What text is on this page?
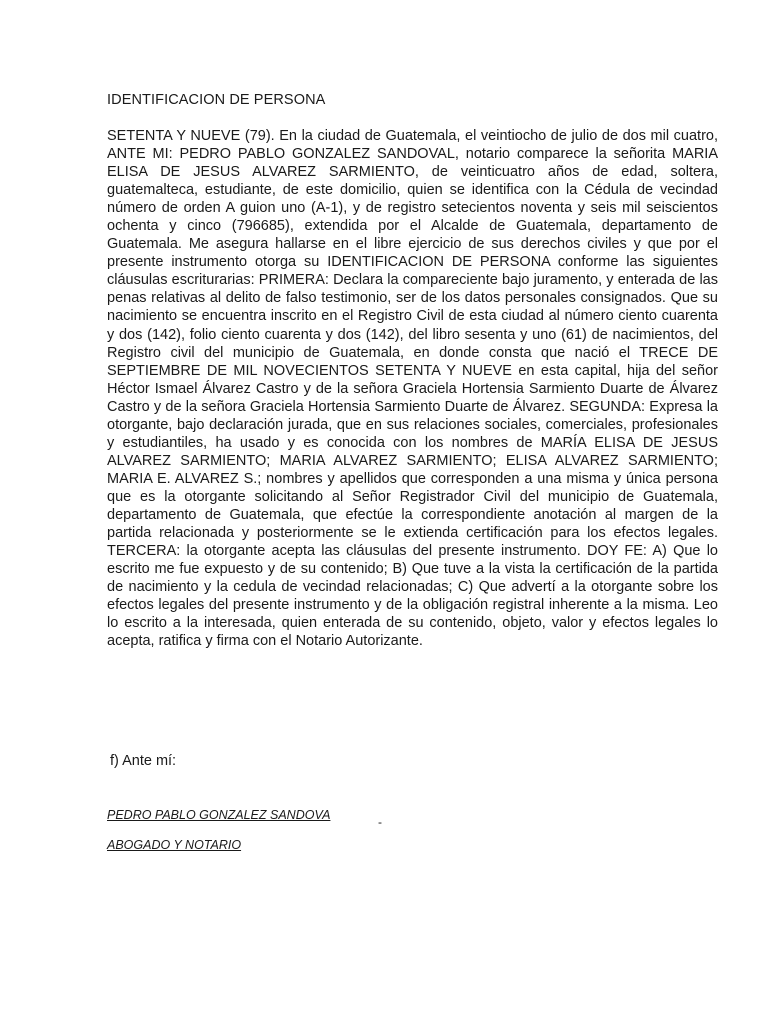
IDENTIFICACION DE PERSONA

SETENTA Y NUEVE (79). En la ciudad de Guatemala, el veintiocho de julio de dos mil cuatro, ANTE MI: PEDRO PABLO GONZALEZ SANDOVAL, notario comparece la señorita MARIA ELISA DE JESUS ALVAREZ SARMIENTO, de veinticuatro años de edad, soltera, guatemalteca, estudiante, de este domicilio, quien se identifica con la Cédula de vecindad número de orden A guion uno (A-1), y de registro setecientos noventa y seis mil seiscientos ochenta y cinco (796685), extendida por el Alcalde de Guatemala, departamento de Guatemala. Me asegura hallarse en el libre ejercicio de sus derechos civiles y que por el presente instrumento otorga su IDENTIFICACION DE PERSONA conforme las siguientes cláusulas escriturarias: PRIMERA: Declara la compareciente bajo juramento, y enterada de las penas relativas al delito de falso testimonio, ser de los datos personales consignados. Que su nacimiento se encuentra inscrito en el Registro Civil de esta ciudad al número ciento cuarenta y dos (142), folio ciento cuarenta y dos (142), del libro sesenta y uno (61) de nacimientos, del Registro civil del municipio de Guatemala, en donde consta que nació el TRECE DE SEPTIEMBRE DE MIL NOVECIENTOS SETENTA Y NUEVE en esta capital, hija del señor Héctor Ismael Álvarez Castro y de la señora Graciela Hortensia Sarmiento Duarte de Álvarez Castro y de la señora Graciela Hortensia Sarmiento Duarte de Álvarez. SEGUNDA: Expresa la otorgante, bajo declaración jurada, que en sus relaciones sociales, comerciales, profesionales y estudiantiles, ha usado y es conocida con los nombres de MARÍA ELISA DE JESUS ALVAREZ SARMIENTO; MARIA ALVAREZ SARMIENTO; ELISA ALVAREZ SARMIENTO; MARIA E. ALVAREZ S.; nombres y apellidos que corresponden a una misma y única persona que es la otorgante solicitando al Señor Registrador Civil del municipio de Guatemala, departamento de Guatemala, que efectúe la correspondiente anotación al margen de la partida relacionada y posteriormente se le extienda certificación para los efectos legales. TERCERA: la otorgante acepta las cláusulas del presente instrumento. DOY FE: A) Que lo escrito me fue expuesto y de su contenido; B) Que tuve a la vista la certificación de la partida de nacimiento y la cedula de vecindad relacionadas; C) Que advertí a la otorgante sobre los efectos legales del presente instrumento y de la obligación registral inherente a la misma. Leo lo escrito a la interesada, quien enterada de su contenido, objeto, valor y efectos legales lo acepta, ratifica y firma con el Notario Autorizante.

f) Ante mí:

PEDRO PABLO GONZALEZ SANDOVA	-

ABOGADO Y NOTARIO
